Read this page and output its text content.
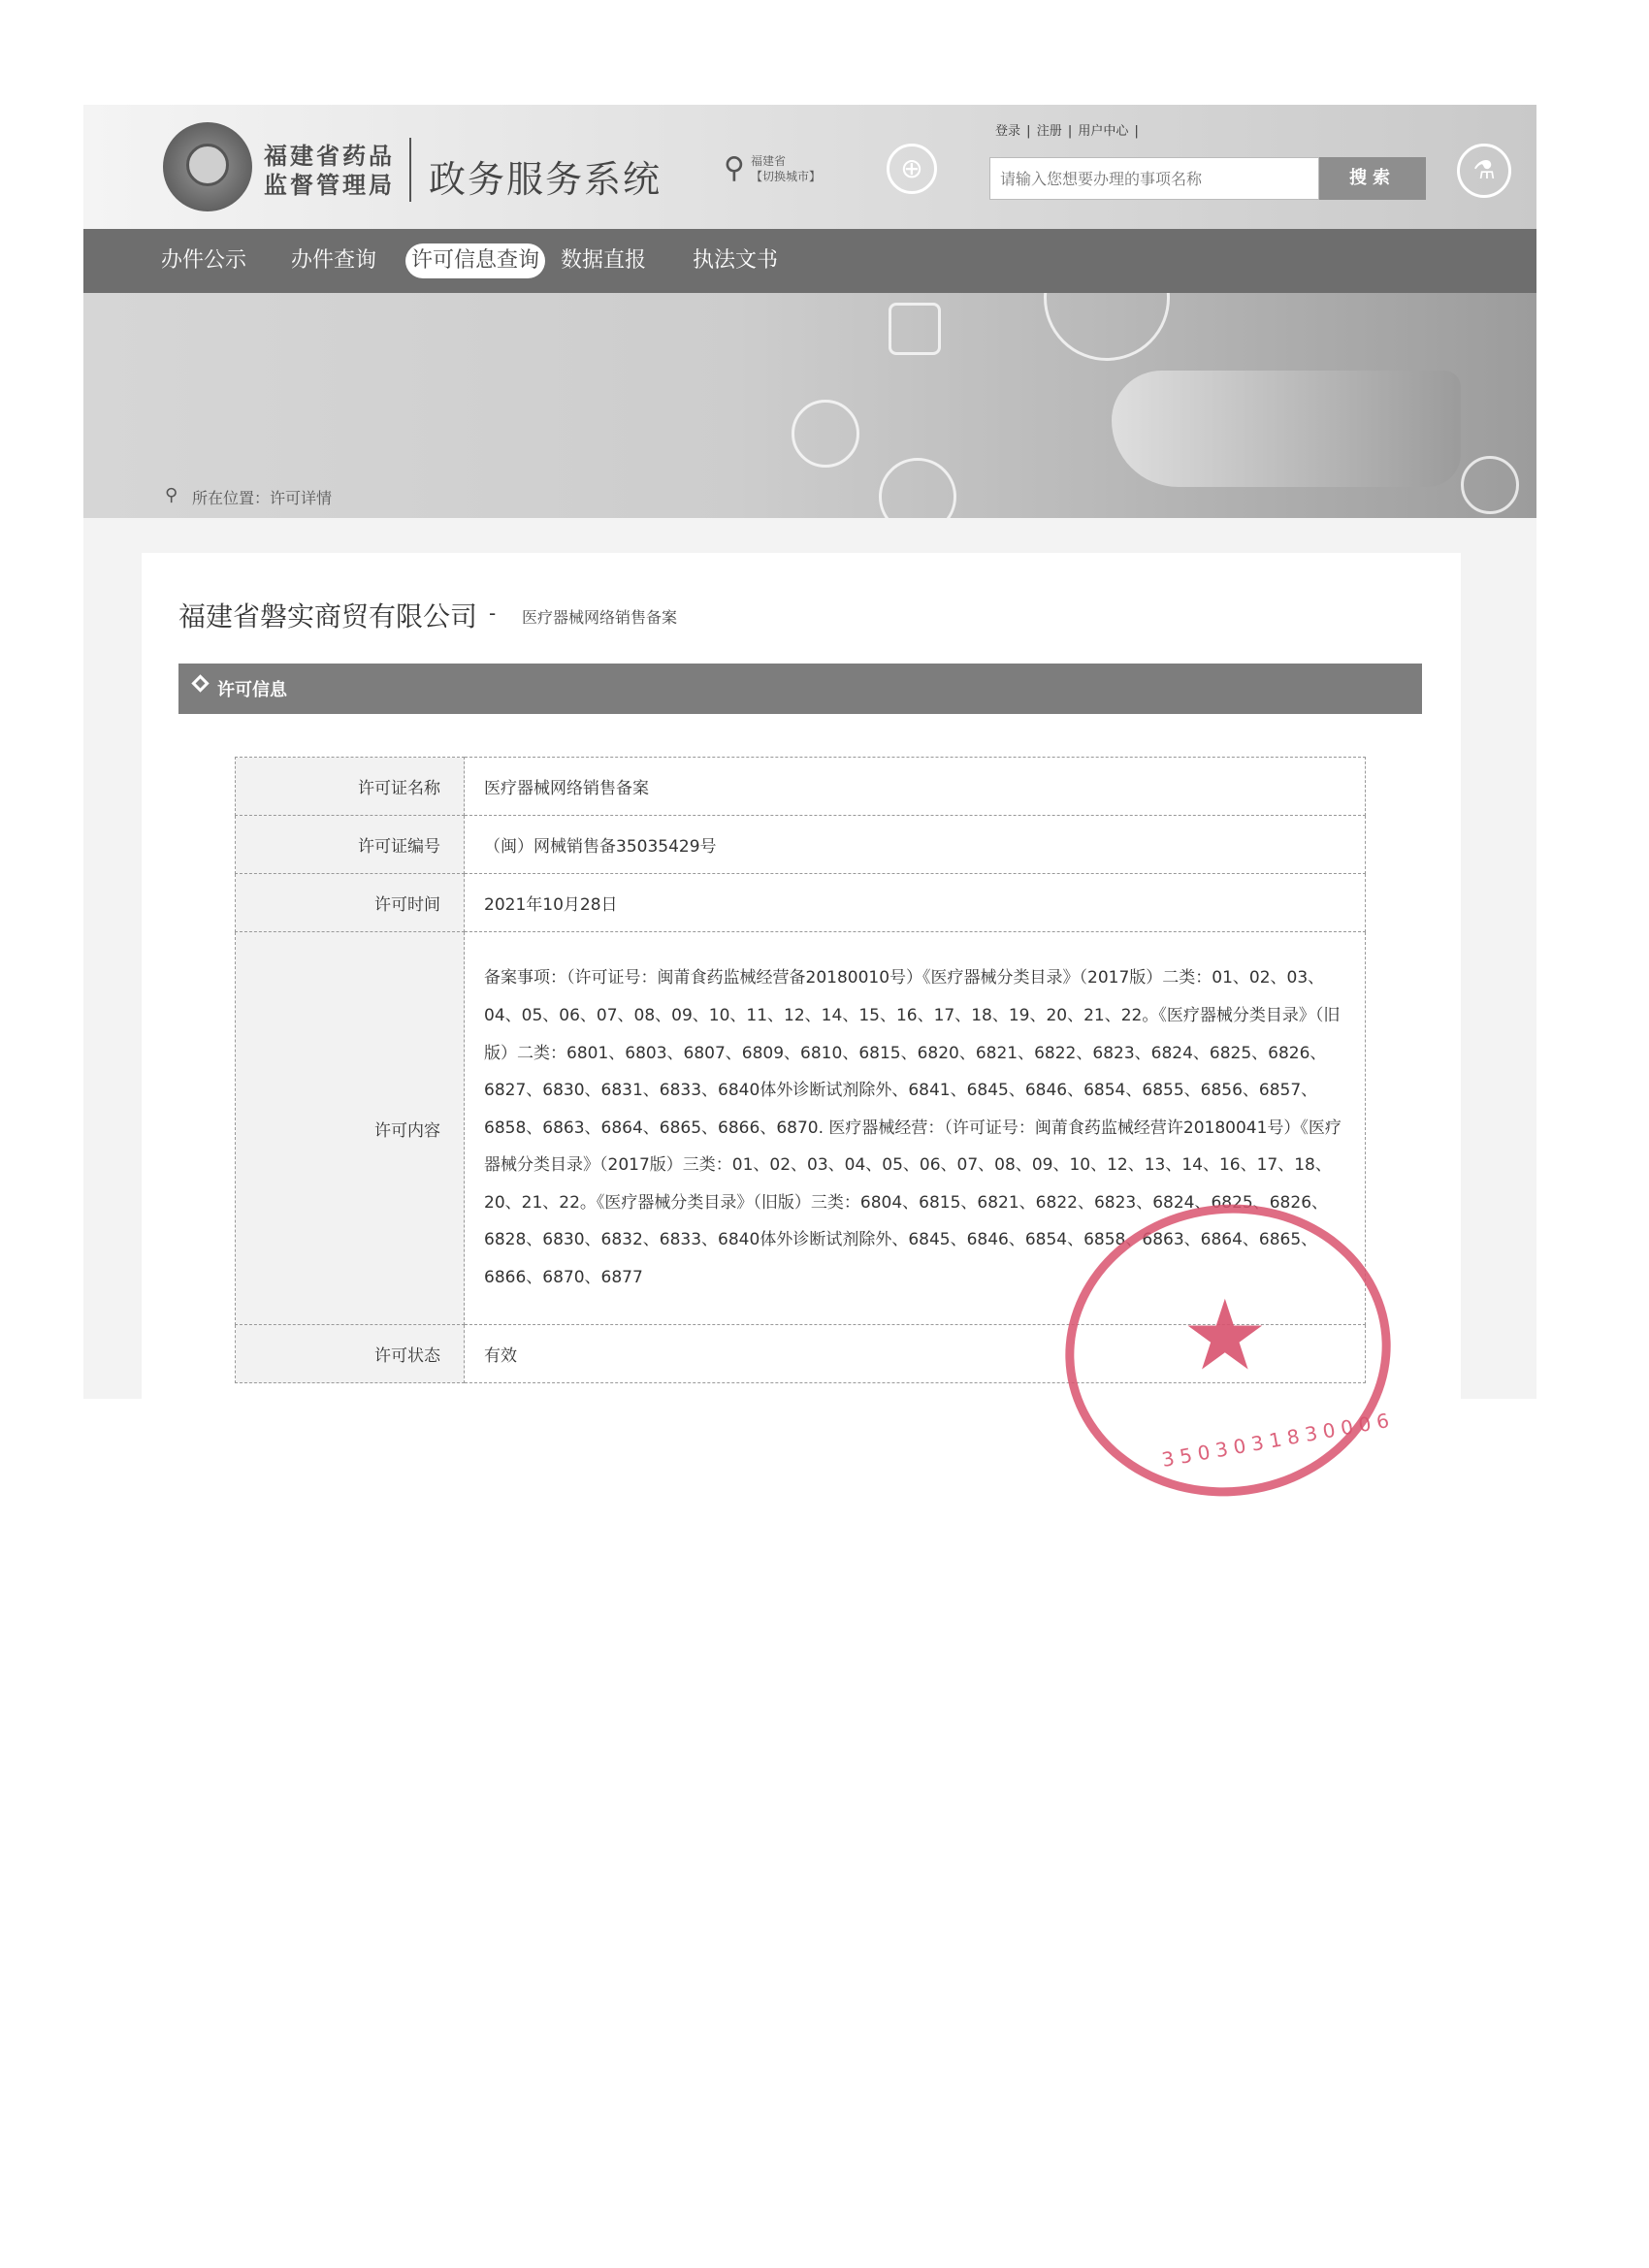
福建省药品监督管理局 政务服务系统 ⚲ 福建省
【切换城市】	⊕
登录 | 注册 | 用户中心 |
请输入您想要办理的事项名称
搜索	⚗
办件公示 办件查询 许可信息查询 数据直报 执法文书
⚲ 所在位置：许可详情
福建省磐实商贸有限公司 - 医疗器械网络销售备案
许可信息
许可证名称	医疗器械网络销售备案
许可证编号	（闽）网械销售备35035429号
许可时间	2021年10月28日
许可内容	备案事项：（许可证号：闽莆食药监械经营备20180010号）《医疗器械分类目录》（2017版）二类：01、02、03、04、05、06、07、08、09、10、11、12、14、15、16、17、18、19、20、21、22。《医疗器械分类目录》（旧版）二类：6801、6803、6807、6809、6810、6815、6820、6821、6822、6823、6824、6825、6826、6827、6830、6831、6833、6840体外诊断试剂除外、6841、6845、6846、6854、6855、6856、6857、6858、6863、6864、6865、6866、6870. 医疗器械经营：（许可证号：闽莆食药监械经营许20180041号）《医疗器械分类目录》（2017版）三类：01、02、03、04、05、06、07、08、09、10、12、13、14、16、17、18、20、21、22。《医疗器械分类目录》（旧版）三类：6804、6815、6821、6822、6823、6824、6825、6826、6828、6830、6832、6833、6840体外诊断试剂除外、6845、6846、6854、6858、6863、6864、6865、6866、6870、6877
许可状态	有效	★
3503031830006
